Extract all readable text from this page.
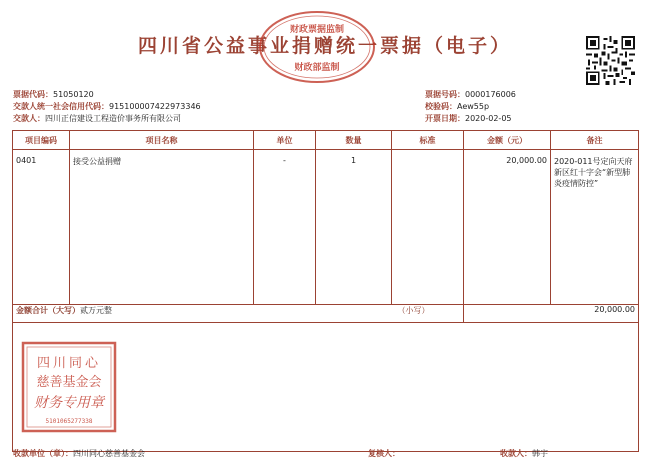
四川省公益事业捐赠统一票据（电子）
财政票据监制
财政部监制
票据代码：51050120
交款人统一社会信用代码：915100007422973346
交款人：四川正信建设工程造价事务所有限公司
票据号码：0000176006
校验码：Aew55p
开票日期：2020-02-05
项目编码	项目名称	单位	数量	标准	金额（元）	备注
0401	接受公益捐赠	-	1		20,000.00	2020-011号定向天府新区红十字会“新型肺炎疫情防控”
金额合计（大写）贰万元整 （小写）					20,000.00	

四川同心
慈善基金会
财务专用章
5101065277338						
收款单位（章）：四川同心慈善基金会	复核人：	收款人：韩宇
